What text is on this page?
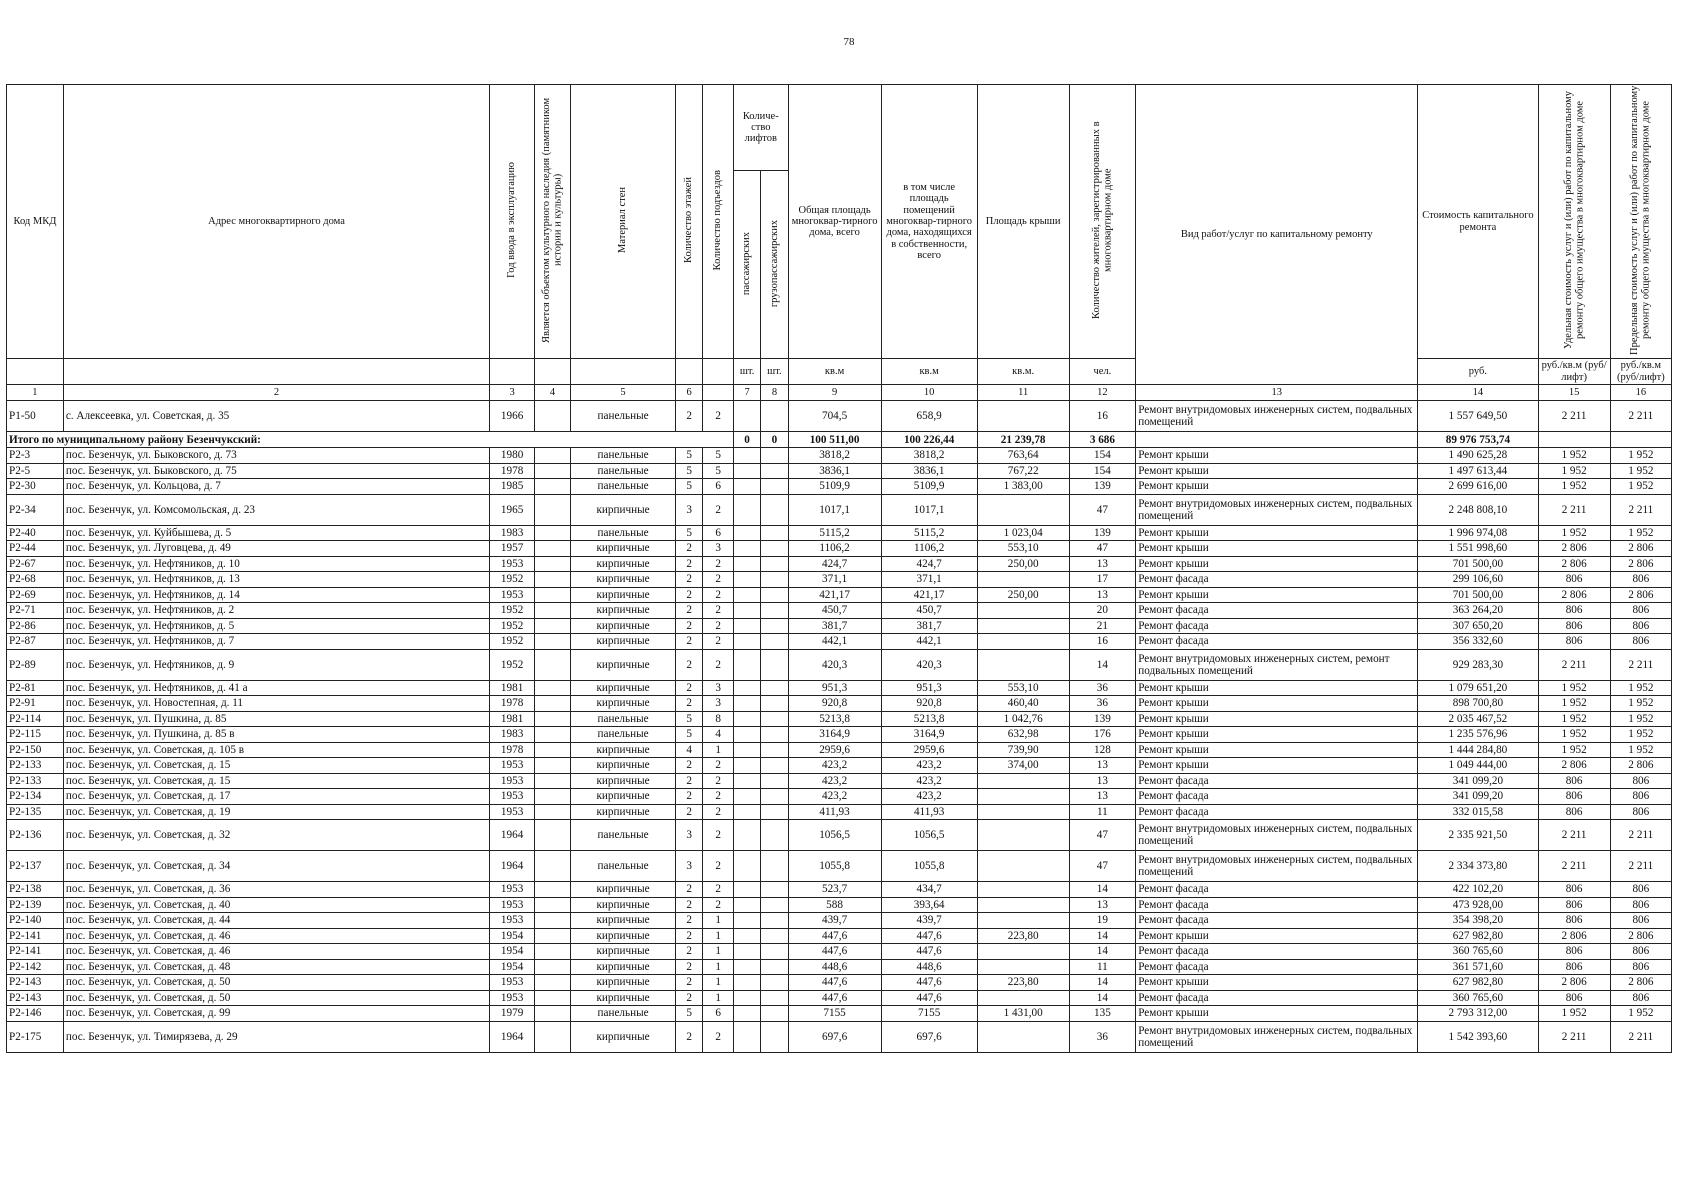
78
Код МКД	Адрес многоквартирного дома	Год ввода в эксплуатацию	Является объектом культурного наследия (памятником истории и культуры)	Материал стен	Количество этажей	Количество подъездов	Количе-ство лифтов		Общая площадь многоквар-тирного дома, всего	в том числе площадь помещений многоквар-тирного дома, находящихся в собственности, всего	Площадь крыши	Количество жителей, зарегистрированных в многоквартирном доме	Вид работ/услуг по капитальному ремонту	Стоимость капитального ремонта	Удельная стоимость услуг и (или) работ по капитальному ремонту общего имущества в многоквартирном доме	Предельная стоимость услуг и (или) работ по капитальному ремонту общего имущества в многоквартирном доме
							пассажирских	грузопассажирских								
							шт.	шт.	кв.м	кв.м	кв.м.	чел.		руб.	руб./кв.м (руб/лифт)	руб./кв.м (руб/лифт)
1	2	3	4	5	6		7	8	9	10	11	12	13	14	15	16
Р1-50	с. Алексеевка, ул. Советская, д. 35	1966		панельные	2	2			704,5	658,9		16	Ремонт внутридомовых инженерных систем, подвальных помещений	1 557 649,50	2 211	2 211
Итого по муниципальному району Безенчукский:							0	0	100 511,00	100 226,44	21 239,78	3 686		89 976 753,74		
Р2-3	пос. Безенчук, ул. Быковского, д. 73	1980		панельные	5	5			3818,2	3818,2	763,64	154	Ремонт крыши	1 490 625,28	1 952	1 952
Р2-5	пос. Безенчук, ул. Быковского, д. 75	1978		панельные	5	5			3836,1	3836,1	767,22	154	Ремонт крыши	1 497 613,44	1 952	1 952
Р2-30	пос. Безенчук, ул. Кольцова, д. 7	1985		панельные	5	6			5109,9	5109,9	1 383,00	139	Ремонт крыши	2 699 616,00	1 952	1 952
Р2-34	пос. Безенчук, ул. Комсомольская, д. 23	1965		кирпичные	3	2			1017,1	1017,1		47	Ремонт внутридомовых инженерных систем, подвальных помещений	2 248 808,10	2 211	2 211
Р2-40	пос. Безенчук, ул. Куйбышева, д. 5	1983		панельные	5	6			5115,2	5115,2	1 023,04	139	Ремонт крыши	1 996 974,08	1 952	1 952
Р2-44	пос. Безенчук, ул. Луговцева, д. 49	1957		кирпичные	2	3			1106,2	1106,2	553,10	47	Ремонт крыши	1 551 998,60	2 806	2 806
Р2-67	пос. Безенчук, ул. Нефтяников, д. 10	1953		кирпичные	2	2			424,7	424,7	250,00	13	Ремонт крыши	701 500,00	2 806	2 806
Р2-68	пос. Безенчук, ул. Нефтяников, д. 13	1952		кирпичные	2	2			371,1	371,1		17	Ремонт фасада	299 106,60	806	806
Р2-69	пос. Безенчук, ул. Нефтяников, д. 14	1953		кирпичные	2	2			421,17	421,17	250,00	13	Ремонт крыши	701 500,00	2 806	2 806
Р2-71	пос. Безенчук, ул. Нефтяников, д. 2	1952		кирпичные	2	2			450,7	450,7		20	Ремонт фасада	363 264,20	806	806
Р2-86	пос. Безенчук, ул. Нефтяников, д. 5	1952		кирпичные	2	2			381,7	381,7		21	Ремонт фасада	307 650,20	806	806
Р2-87	пос. Безенчук, ул. Нефтяников, д. 7	1952		кирпичные	2	2			442,1	442,1		16	Ремонт фасада	356 332,60	806	806
Р2-89	пос. Безенчук, ул. Нефтяников, д. 9	1952		кирпичные	2	2			420,3	420,3		14	Ремонт внутридомовых инженерных систем, ремонт подвальных помещений	929 283,30	2 211	2 211
Р2-81	пос. Безенчук, ул. Нефтяников, д. 41 а	1981		кирпичные	2	3			951,3	951,3	553,10	36	Ремонт крыши	1 079 651,20	1 952	1 952
Р2-91	пос. Безенчук, ул. Новостепная, д. 11	1978		кирпичные	2	3			920,8	920,8	460,40	36	Ремонт крыши	898 700,80	1 952	1 952
Р2-114	пос. Безенчук, ул. Пушкина, д. 85	1981		панельные	5	8			5213,8	5213,8	1 042,76	139	Ремонт крыши	2 035 467,52	1 952	1 952
Р2-115	пос. Безенчук, ул. Пушкина, д. 85 в	1983		панельные	5	4			3164,9	3164,9	632,98	176	Ремонт крыши	1 235 576,96	1 952	1 952
Р2-150	пос. Безенчук, ул. Советская, д. 105 в	1978		кирпичные	4	1			2959,6	2959,6	739,90	128	Ремонт крыши	1 444 284,80	1 952	1 952
Р2-133	пос. Безенчук, ул. Советская, д. 15	1953		кирпичные	2	2			423,2	423,2	374,00	13	Ремонт крыши	1 049 444,00	2 806	2 806
Р2-133	пос. Безенчук, ул. Советская, д. 15	1953		кирпичные	2	2			423,2	423,2		13	Ремонт фасада	341 099,20	806	806
Р2-134	пос. Безенчук, ул. Советская, д. 17	1953		кирпичные	2	2			423,2	423,2		13	Ремонт фасада	341 099,20	806	806
Р2-135	пос. Безенчук, ул. Советская, д. 19	1953		кирпичные	2	2			411,93	411,93		11	Ремонт фасада	332 015,58	806	806
Р2-136	пос. Безенчук, ул. Советская, д. 32	1964		панельные	3	2			1056,5	1056,5		47	Ремонт внутридомовых инженерных систем, подвальных помещений	2 335 921,50	2 211	2 211
Р2-137	пос. Безенчук, ул. Советская, д. 34	1964		панельные	3	2			1055,8	1055,8		47	Ремонт внутридомовых инженерных систем, подвальных помещений	2 334 373,80	2 211	2 211
Р2-138	пос. Безенчук, ул. Советская, д. 36	1953		кирпичные	2	2			523,7	434,7		14	Ремонт фасада	422 102,20	806	806
Р2-139	пос. Безенчук, ул. Советская, д. 40	1953		кирпичные	2	2			588	393,64		13	Ремонт фасада	473 928,00	806	806
Р2-140	пос. Безенчук, ул. Советская, д. 44	1953		кирпичные	2	1			439,7	439,7		19	Ремонт фасада	354 398,20	806	806
Р2-141	пос. Безенчук, ул. Советская, д. 46	1954		кирпичные	2	1			447,6	447,6	223,80	14	Ремонт крыши	627 982,80	2 806	2 806
Р2-141	пос. Безенчук, ул. Советская, д. 46	1954		кирпичные	2	1			447,6	447,6		14	Ремонт фасада	360 765,60	806	806
Р2-142	пос. Безенчук, ул. Советская, д. 48	1954		кирпичные	2	1			448,6	448,6		11	Ремонт фасада	361 571,60	806	806
Р2-143	пос. Безенчук, ул. Советская, д. 50	1953		кирпичные	2	1			447,6	447,6	223,80	14	Ремонт крыши	627 982,80	2 806	2 806
Р2-143	пос. Безенчук, ул. Советская, д. 50	1953		кирпичные	2	1			447,6	447,6		14	Ремонт фасада	360 765,60	806	806
Р2-146	пос. Безенчук, ул. Советская, д. 99	1979		панельные	5	6			7155	7155	1 431,00	135	Ремонт крыши	2 793 312,00	1 952	1 952
Р2-175	пос. Безенчук, ул. Тимирязева, д. 29	1964		кирпичные	2	2			697,6	697,6		36	Ремонт внутридомовых инженерных систем, подвальных помещений	1 542 393,60	2 211	2 211
